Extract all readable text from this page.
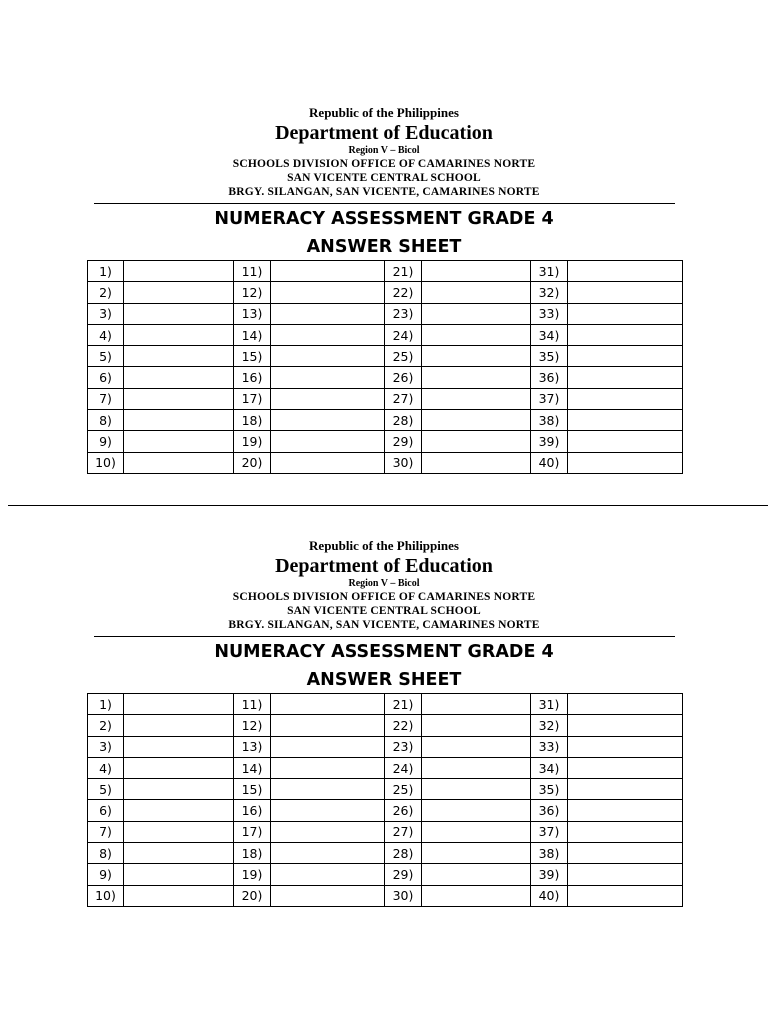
Republic of the Philippines

Department of Education

Region V – Bicol

SCHOOLS DIVISION OFFICE OF CAMARINES NORTE

SAN VICENTE CENTRAL SCHOOL

BRGY. SILANGAN, SAN VICENTE, CAMARINES NORTE

NUMERACY ASSESSMENT GRADE 4

ANSWER SHEET

1)		11)		21)		31)	
2)		12)		22)		32)	
3)		13)		23)		33)	
4)		14)		24)		34)	
5)		15)		25)		35)	
6)		16)		26)		36)	
7)		17)		27)		37)	
8)		18)		28)		38)	
9)		19)		29)		39)	
10)		20)		30)		40)	

Republic of the Philippines

Department of Education

Region V – Bicol

SCHOOLS DIVISION OFFICE OF CAMARINES NORTE

SAN VICENTE CENTRAL SCHOOL

BRGY. SILANGAN, SAN VICENTE, CAMARINES NORTE

NUMERACY ASSESSMENT GRADE 4

ANSWER SHEET

1)		11)		21)		31)	
2)		12)		22)		32)	
3)		13)		23)		33)	
4)		14)		24)		34)	
5)		15)		25)		35)	
6)		16)		26)		36)	
7)		17)		27)		37)	
8)		18)		28)		38)	
9)		19)		29)		39)	
10)		20)		30)		40)	
